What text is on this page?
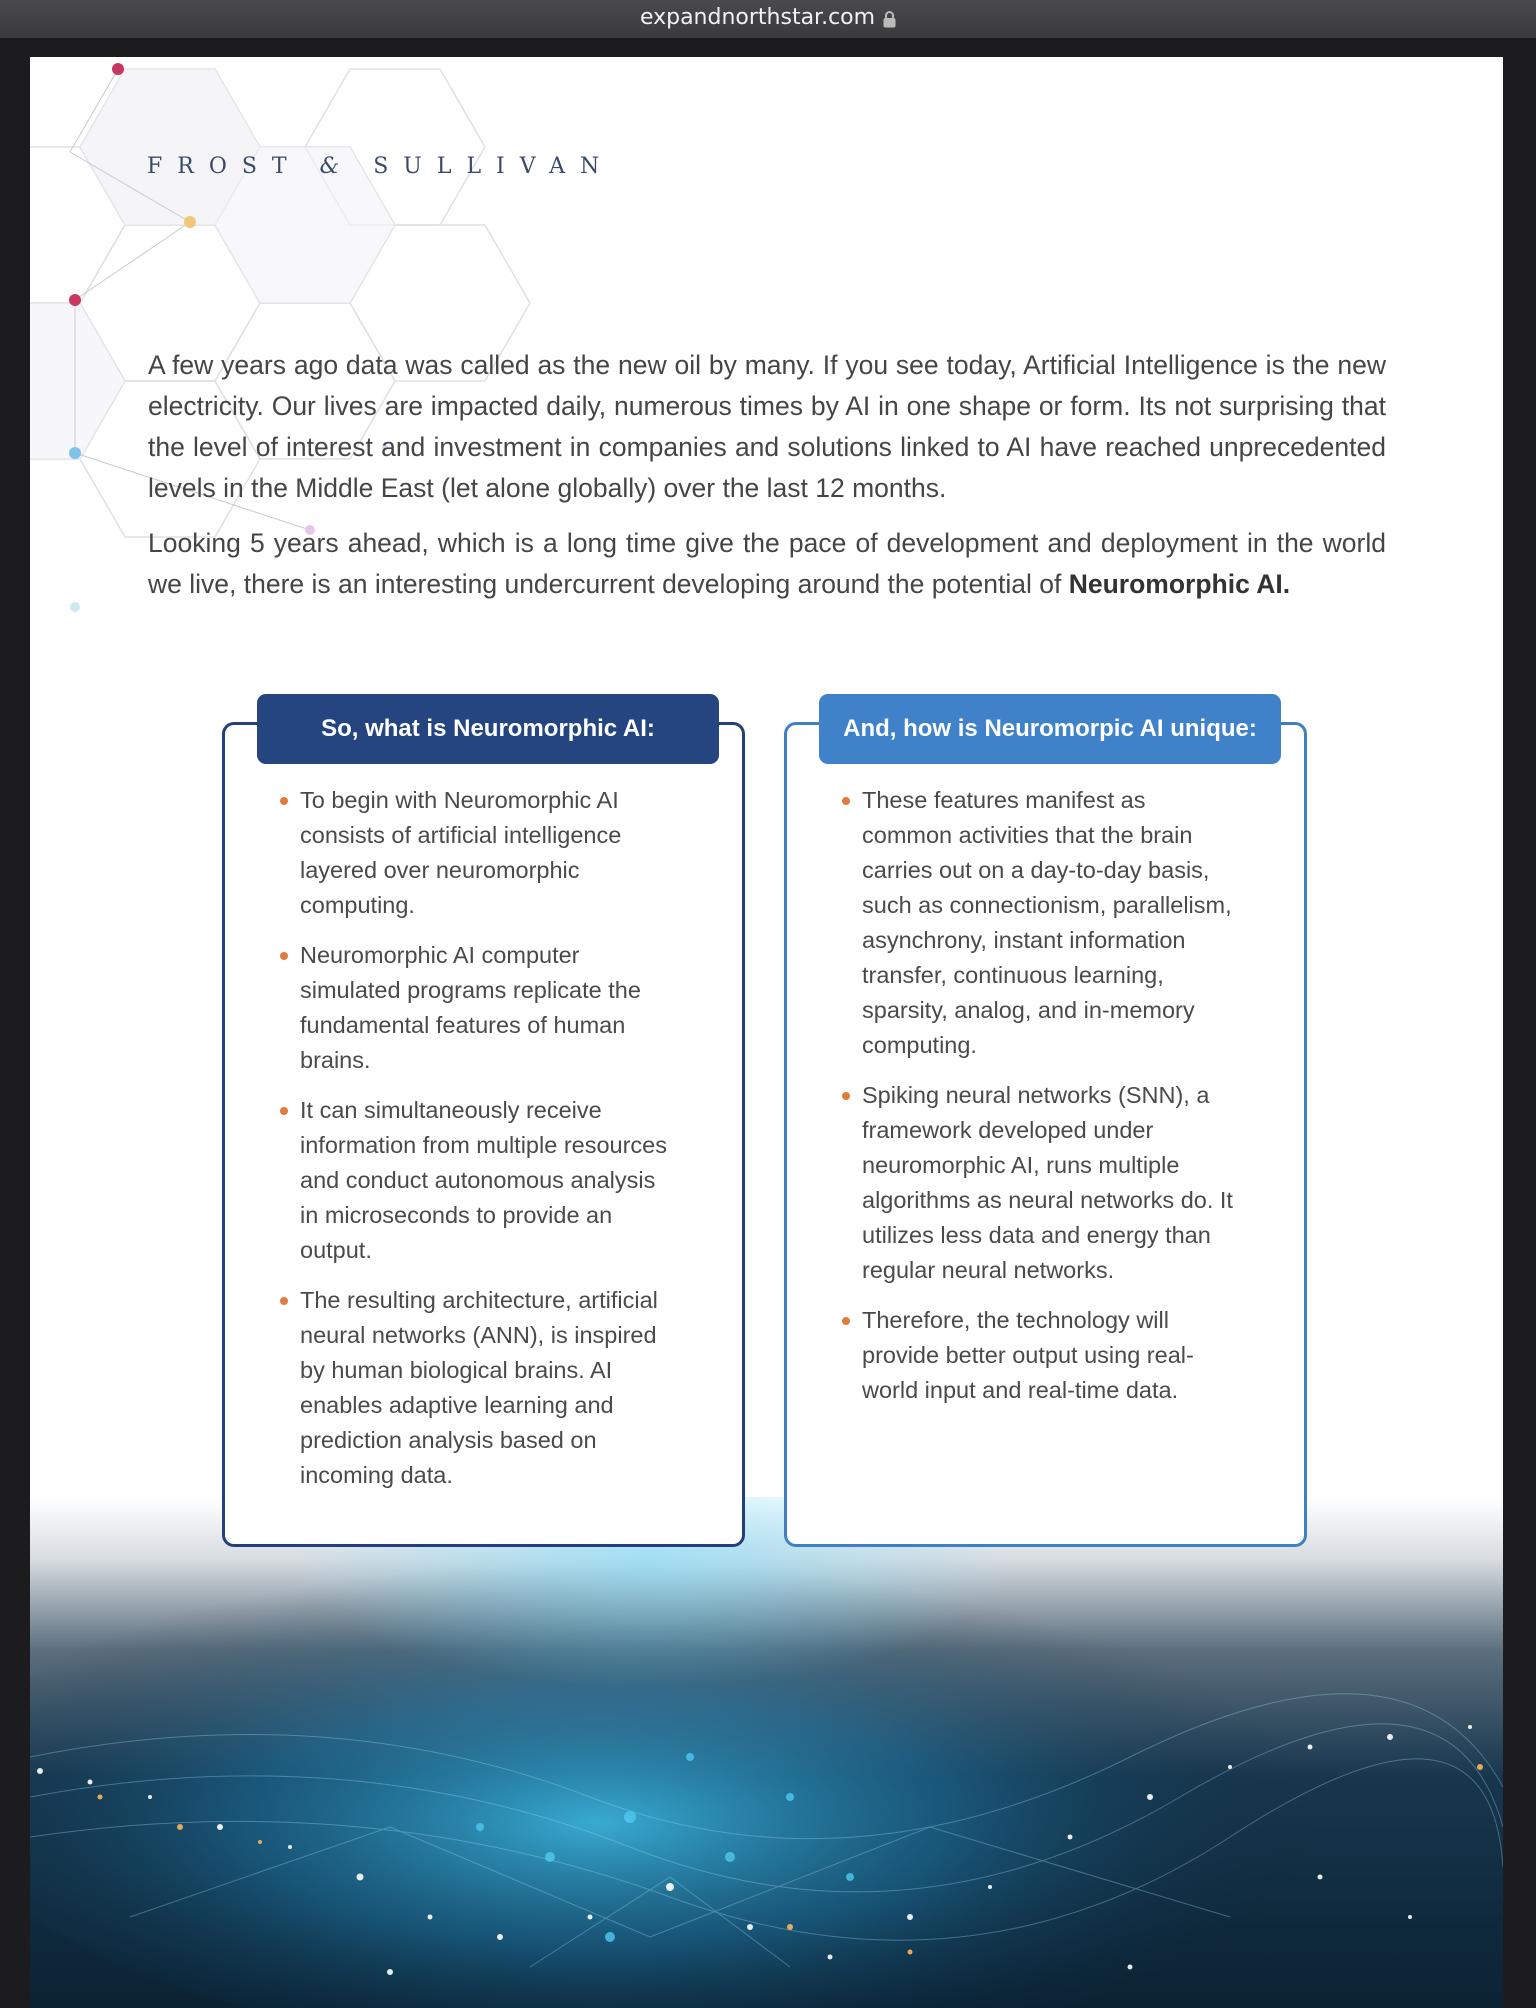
expandnorthstar.com
FROST & SULLIVAN

A few years ago data was called as the new oil by many. If you see today, Artificial Intelligence is the new electricity. Our lives are impacted daily, numerous times by AI in one shape or form. Its not surprising that the level of interest and investment in companies and solutions linked to AI have reached unprecedented levels in the Middle East (let alone globally) over the last 12 months.

Looking 5 years ahead, which is a long time give the pace of development and deployment in the world we live, there is an interesting undercurrent developing around the potential of Neuromorphic AI.

So, what is Neuromorphic AI:
To begin with Neuromorphic AI consists of artificial intelligence layered over neuromorphic computing.
Neuromorphic AI computer simulated programs replicate the fundamental features of human brains.
It can simultaneously receive information from multiple resources and conduct autonomous analysis in microseconds to provide an output.
The resulting architecture, artificial neural networks (ANN), is inspired by human biological brains. AI enables adaptive learning and prediction analysis based on incoming data.
And, how is Neuromorpic AI unique:
These features manifest as common activities that the brain carries out on a day-to-day basis, such as connectionism, parallelism, asynchrony, instant information transfer, continuous learning, sparsity, analog, and in-memory computing.
Spiking neural networks (SNN), a framework developed under neuromorphic AI, runs multiple algorithms as neural networks do. It utilizes less data and energy than regular neural networks.
Therefore, the technology will provide better output using real-world input and real-time data.
